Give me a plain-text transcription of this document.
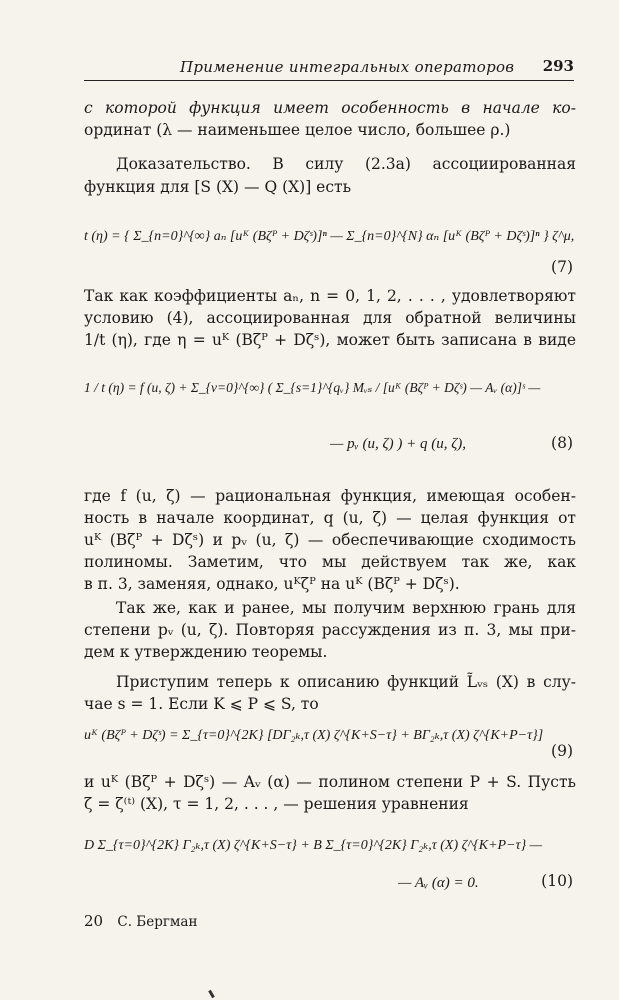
Применение интегральных операторов 293
с которой функция имеет особенность в начале ко-
ординат (λ — наименьшее целое число, большее ρ.)
Доказательство. В силу (2.3а) ассоциированная
функция для [S (X) — Q (X)] есть
t (η) = { Σ_{n=0}^{∞} aₙ [uᴷ (Bζᴾ + Dζˢ)]ⁿ — Σ_{n=0}^{N} αₙ [uᴷ (Bζᴾ + Dζˢ)]ⁿ } ζ^μ,
(7)
Так как коэффициенты aₙ, n = 0, 1, 2, . . . , удовлетворяют
условию (4), ассоциированная для обратной величины
1/t (η), где η = uᴷ (Bζᴾ + Dζˢ), может быть записана в виде
1 / t (η) = f (u, ζ) + Σ_{ν=0}^{∞} ( Σ_{s=1}^{qᵥ} Mᵥₛ / [uᴷ (Bζᴾ + Dζˢ) — Aᵥ (α)]ˢ —
— pᵥ (u, ζ) ) + q (u, ζ),	(8)
где f (u, ζ) — рациональная функция, имеющая особен-
ность в начале координат, q (u, ζ) — целая функция от
uᴷ (Bζᴾ + Dζˢ) и pᵥ (u, ζ) — обеспечивающие сходимость
полиномы. Заметим, что мы действуем так же, как
в п. 3, заменяя, однако, uᴷζᴾ на uᴷ (Bζᴾ + Dζˢ).
Так же, как и ранее, мы получим верхнюю грань для
степени pᵥ (u, ζ). Повторяя рассуждения из п. 3, мы при-
дем к утверждению теоремы.
Приступим теперь к описанию функций L̃ᵥₛ (X) в слу-
чае s = 1. Если K ⩽ P ⩽ S, то
uᴷ (Bζᴾ + Dζˢ) = Σ_{τ=0}^{2K} [DΓ₂ₖ,τ (X) ζ^{K+S−τ} + BΓ₂ₖ,τ (X) ζ^{K+P−τ}]
(9)
и uᴷ (Bζᴾ + Dζˢ) — Aᵥ (α) — полином степени P + S. Пусть
ζ = ζ⁽ᵗ⁾ (X), τ = 1, 2, . . . , — решения уравнения
D Σ_{τ=0}^{2K} Γ₂ₖ,τ (X) ζ^{K+S−τ} + B Σ_{τ=0}^{2K} Γ₂ₖ,τ (X) ζ^{K+P−τ} —
— Aᵥ (α) = 0.	(10)
20 С. Бергман
